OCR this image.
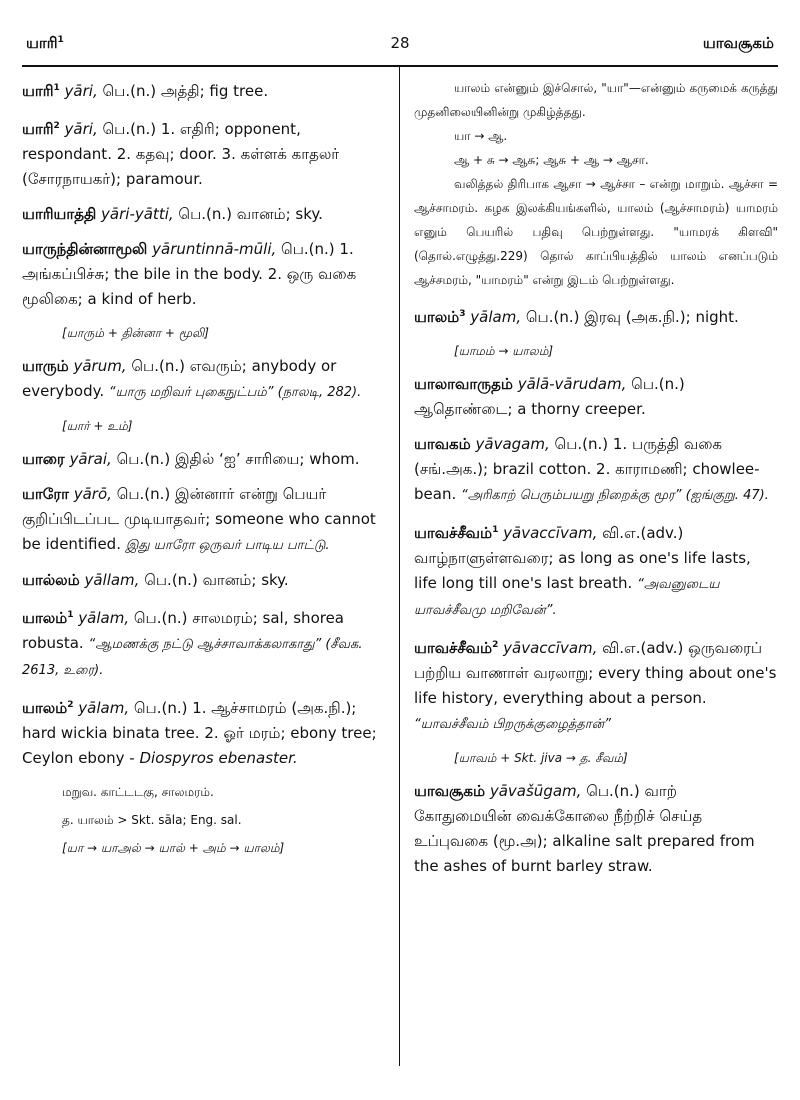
யாரி$^1$	28	யாவசூகம்
யாரி$^1$ yāri, பெ.(n.) அத்தி; fig tree.
யாரி$^2$ yāri, பெ.(n.) 1. எதிரி; opponent, respondant. 2. கதவு; door. 3. கள்ளக் காதலர் (சோரநாயகர்); paramour.
யாரியாத்தி yāri-yātti, பெ.(n.) வானம்; sky.
யாருந்தின்னாமூலி yāruntinnā-mūli, பெ.(n.) 1. அங்கப்பிச்சு; the bile in the body. 2. ஒரு வகை மூலிகை; a kind of herb.
[யாரும் + தின்னா + மூலி]
யாரும் yārum, பெ.(n.) எவரும்; anybody or everybody. “யாரு மறிவர் புகைநுட்பம்” (நாலடி, 282).
[யார் + உம்]
யாரை yārai, பெ.(n.) இதில் ‘ஐ’ சாரியை; whom.
யாரோ yārō, பெ.(n.) இன்னார் என்று பெயர் குறிப்பிடப்பட முடியாதவர்; someone who cannot be identified. இது யாரோ ஒருவர் பாடிய பாட்டு.
யால்லம் yāllam, பெ.(n.) வானம்; sky.
யாலம்$^1$ yālam, பெ.(n.) சாலமரம்; sal, shorea robusta. “ஆமணக்கு நட்டு ஆச்சாவாக்கலாகாது” (சீவக. 2613, உரை).
யாலம்$^2$ yālam, பெ.(n.) 1. ஆச்சாமரம் (அக.நி.); hard wickia binata tree. 2. ஓர் மரம்; ebony tree; Ceylon ebony - Diospyros ebenaster.
மறுவ. காட்டடகு, சாலமரம்.
த. யாலம் > Skt. sāla; Eng. sal.
[யா → யாஅல் → யால் + அம் → யாலம்]

யாலம் என்னும் இச்சொல், "யா"—என்னும் கருமைக் கருத்து முதனிலையினின்று முகிழ்த்தது.

யா → ஆ.

ஆ + சு → ஆசு; ஆசு + ஆ → ஆசா.

வலித்தல் திரிபாக ஆசா → ஆச்சா – என்று மாறும். ஆச்சா = ஆச்சாமரம். கழக இலக்கியங்களில், யாலம் (ஆச்சாமரம்) யாமரம் எனும் பெயரில் பதிவு பெற்றுள்ளது. "யாமரக் கிளவி" (தொல்.எழுத்து.229) தொல் காப்பியத்தில் யாலம் எனப்படும் ஆச்சமரம், "யாமரம்" என்று இடம் பெற்றுள்ளது.

யாலம்$^3$ yālam, பெ.(n.) இரவு (அக.நி.); night.
[யாமம் → யாலம்]
யாலாவாருதம் yālā-vārudam, பெ.(n.) ஆதொண்டை; a thorny creeper.
யாவகம் yāvagam, பெ.(n.) 1. பருத்தி வகை (சங்.அக.); brazil cotton. 2. காராமணி; chowlee-bean. “அரிகாற் பெரும்பயறு நிறைக்கு மூர” (ஐங்குறு. 47).
யாவச்சீவம்$^1$ yāvaccīvam, வி.எ.(adv.) வாழ்நாளுள்ளவரை; as long as one's life lasts, life long till one's last breath. “அவனுடைய யாவச்சீவமு மறிவேன்”.
யாவச்சீவம்$^2$ yāvaccīvam, வி.எ.(adv.) ஒருவரைப் பற்றிய வாணாள் வரலாறு; every thing about one's life history, everything about a person. “யாவச்சீவம் பிறருக்குழைத்தான்”
[யாவம் + Skt. jiva → த. சீவம்]
யாவசூகம் yāvašūgam, பெ.(n.) வாற் கோதுமையின் வைக்கோலை நீற்றிச் செய்த உப்புவகை (மூ.அ); alkaline salt prepared from the ashes of burnt barley straw.
